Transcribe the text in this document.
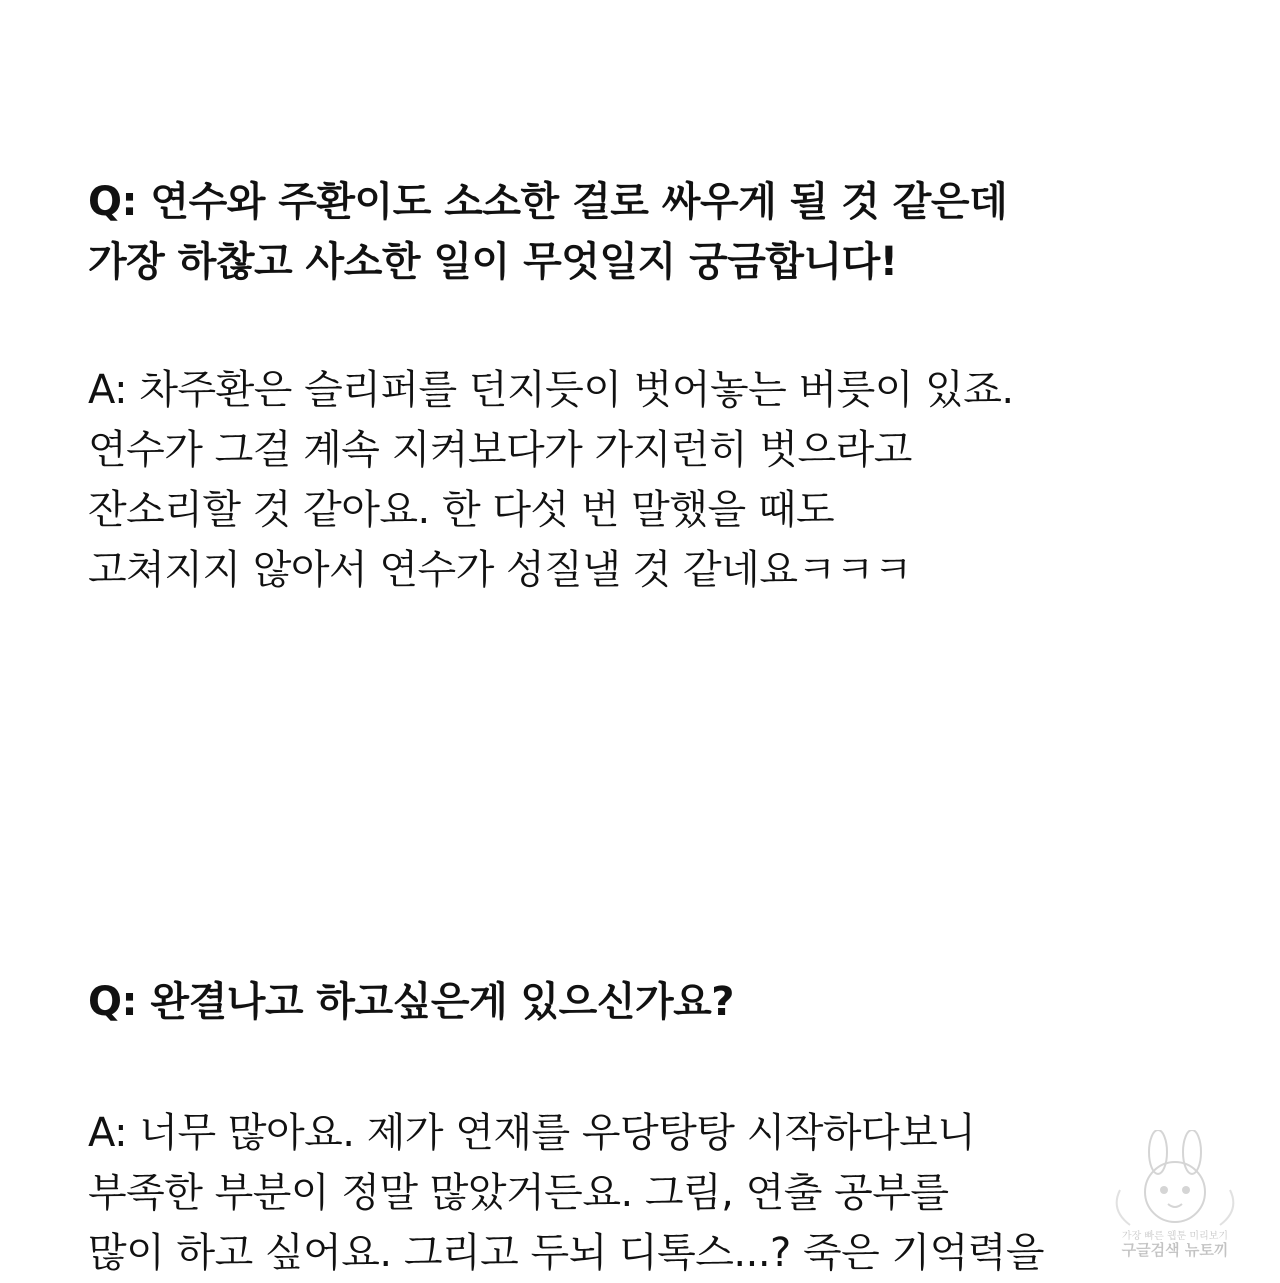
Q: 연수와 주환이도 소소한 걸로 싸우게 될 것 같은데
가장 하찮고 사소한 일이 무엇일지 궁금합니다!
A: 차주환은 슬리퍼를 던지듯이 벗어놓는 버릇이 있죠.
연수가 그걸 계속 지켜보다가 가지런히 벗으라고
잔소리할 것 같아요. 한 다섯 번 말했을 때도
고쳐지지 않아서 연수가 성질낼 것 같네요ㅋㅋㅋ
Q: 완결나고 하고싶은게 있으신가요?
A: 너무 많아요. 제가 연재를 우당탕탕 시작하다보니
부족한 부분이 정말 많았거든요. 그림, 연출 공부를
많이 하고 싶어요. 그리고 두뇌 디톡스...? 죽은 기억력을	가장 빠른 웹툰 미리보기
구글검색 뉴토끼
